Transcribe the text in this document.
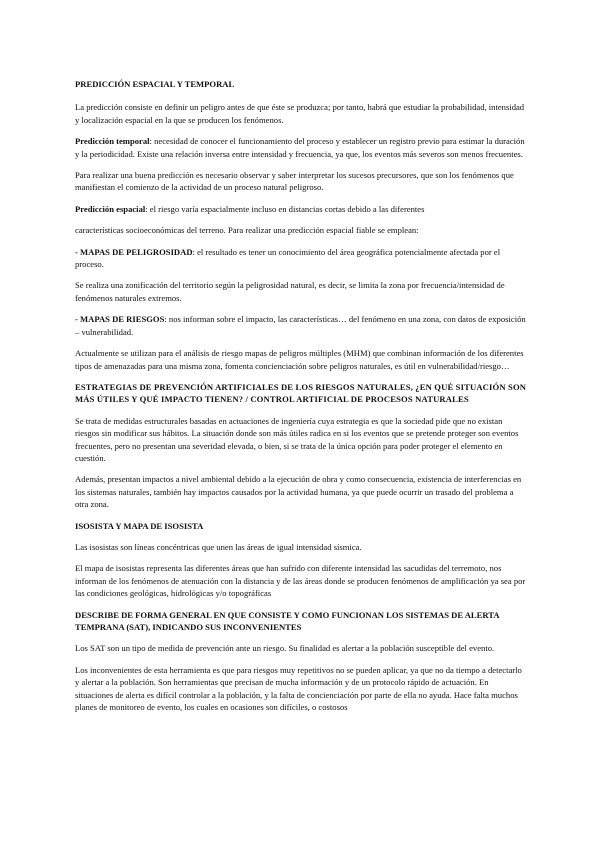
PREDICCIÓN ESPACIAL Y TEMPORAL
La predicción consiste en definir un peligro antes de que éste se produzca; por tanto, habrá que estudiar la probabilidad, intensidad y localización espacial en la que se producen los fenómenos.
Predicción temporal: necesidad de conocer el funcionamiento del proceso y establecer un registro previo para estimar la duración y la periodicidad. Existe una relación inversa entre intensidad y frecuencia, ya que, los eventos más severos son menos frecuentes.
Para realizar una buena predicción es necesario observar y saber interpretar los sucesos precursores, que son los fenómenos que manifiestan el comienzo de la actividad de un proceso natural peligroso.
Predicción espacial: el riesgo varía espacialmente incluso en distancias cortas debido a las diferentes
características socioeconómicas del terreno. Para realizar una predicción espacial fiable se emplean:
- MAPAS DE PELIGROSIDAD: el resultado es tener un conocimiento del área geográfica potencialmente afectada por el proceso.
Se realiza una zonificación del territorio según la peligrosidad natural, es decir, se limita la zona por frecuencia/intensidad de fenómenos naturales extremos.
- MAPAS DE RIESGOS: nos informan sobre el impacto, las características… del fenómeno en una zona, con datos de exposición – vulnerabilidad.
Actualmente se utilizan para el análisis de riesgo mapas de peligros múltiples (MHM) que combinan información de los diferentes tipos de amenazadas para una misma zona, fomenta concienciación sobre peligros naturales, es útil en vulnerabilidad/riesgo…
ESTRATEGIAS DE PREVENCIÓN ARTIFICIALES DE LOS RIESGOS NATURALES, ¿EN QUÉ SITUACIÓN SON MÁS ÚTILES Y QUÉ IMPACTO TIENEN? / CONTROL ARTIFICIAL DE PROCESOS NATURALES
Se trata de medidas estructurales basadas en actuaciones de ingeniería cuya estrategia es que la sociedad pide que no existan riesgos sin modificar sus hábitos. La situación donde son más útiles radica en si los eventos que se pretende proteger son eventos frecuentes, pero no presentan una severidad elevada, o bien, si se trata de la única opción para poder proteger el elemento en cuestión.
Además, presentan impactos a nivel ambiental debido a la ejecución de obra y como consecuencia, existencia de interferencias en los sistemas naturales, también hay impactos causados por la actividad humana, ya que puede ocurrir un trasado del problema a otra zona.
ISOSISTA Y MAPA DE ISOSISTA
Las isosistas son líneas concéntricas que unen las áreas de igual intensidad sísmica.
El mapa de isosistas representa las diferentes áreas que han sufrido con diferente intensidad las sacudidas del terremoto, nos informan de los fenómenos de atenuación con la distancia y de las áreas donde se producen fenómenos de amplificación ya sea por las condiciones geológicas, hidrológicas y/o topográficas
DESCRIBE DE FORMA GENERAL EN QUE CONSISTE Y COMO FUNCIONAN LOS SISTEMAS DE ALERTA TEMPRANA (SAT), INDICANDO SUS INCONVENIENTES
Los SAT son un tipo de medida de prevención ante un riesgo. Su finalidad es alertar a la población susceptible del evento.
Los inconvenientes de esta herramienta es que para riesgos muy repetitivos no se pueden aplicar, ya que no da tiempo a detectarlo y alertar a la población. Son herramientas que precisan de mucha información y de un protocolo rápido de actuación. En situaciones de alerta es difícil controlar a la población, y la falta de concienciación por parte de ella no ayuda. Hace falta muchos planes de monitoreo de evento, los cuales en ocasiones son difíciles, o costosos
